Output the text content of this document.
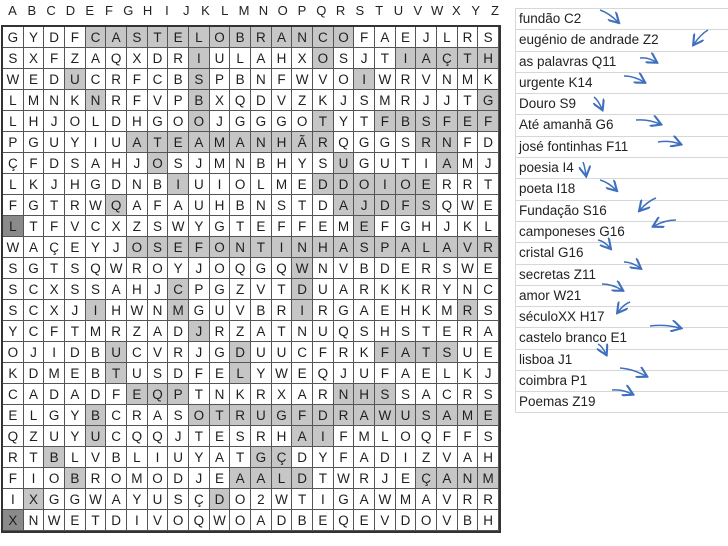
A B C D E F G H I	J K L M N O P Q R S T U V W X Y Z
G Y D F C A S T E L O B R A N C O F A E J	L R S
S X F Z A Q X D R	I	U L A H X O S J T	I	A Ç T H
W E D U C R F C B S P B N F W V O	I W R V N M K
L M N K N R F V P B X Q D V Z K J S M R J	J T G
L H J O L D H G O O J G G G O T Y T F B S F E F
P G U Y	I	U A T E A M A N H Ã R Q G G S R N F D
Ç F D S A H J O S J M N B H Y S U G U T	I	A M J
L K J H G D N B	I	U	I	O L M E D D O	I	O E R R T
F G T R W Q A F A U H B N S T D A J D F S Q W E
L T F V C X Z S W Y G T E F F E M E F G H J K L
W A Ç E Y J O S E F O N T	I	N H A S P A L A V R
S G T S Q W R O Y J O Q G Q W N V B D E R S W E
S C X S S A H J C P G Z V T D U A R K K R Y N C
S C X J	I	H W N M G U V B R	I	R G A E H K M R S
Y C F T M R Z A D J R Z A T N U Q S H S T E R A
O J	I	D B U C V R J G D U U C F R K F A T S U E
K D M E B T U S D F E L Y W E Q J U F A E L K J
C A D A D F E Q P T N K R X A R N H S S A C R S
E L G Y B C R A S O T R U G F D R A W U S A M E
Q Z U Y U C Q Q J T E S R H A	I	F M L O Q F F S
R T B L V B L	I	U Y A T G Ç D Y F A D	I	Z V A H
F	I	O B R O M O D J E A A L D T W R J E Ç A N M
I	X G G W A Y U S Ç D O 2 W T	I	G A W M A V R R
X N W E T D	I	V O Q W O A D B E Q E V D O V B H
fundão C2
eugénio de andrade Z2
as palavras Q11
urgente K14
Douro S9
Até amanhã G6
josé fontinhas F11
poesia I4
poeta I18
Fundação S16
camponeses G16
cristal G16
secretas Z11
amor W21
séculoXX H17
castelo branco E1
lisboa J1
coimbra P1
Poemas Z19
